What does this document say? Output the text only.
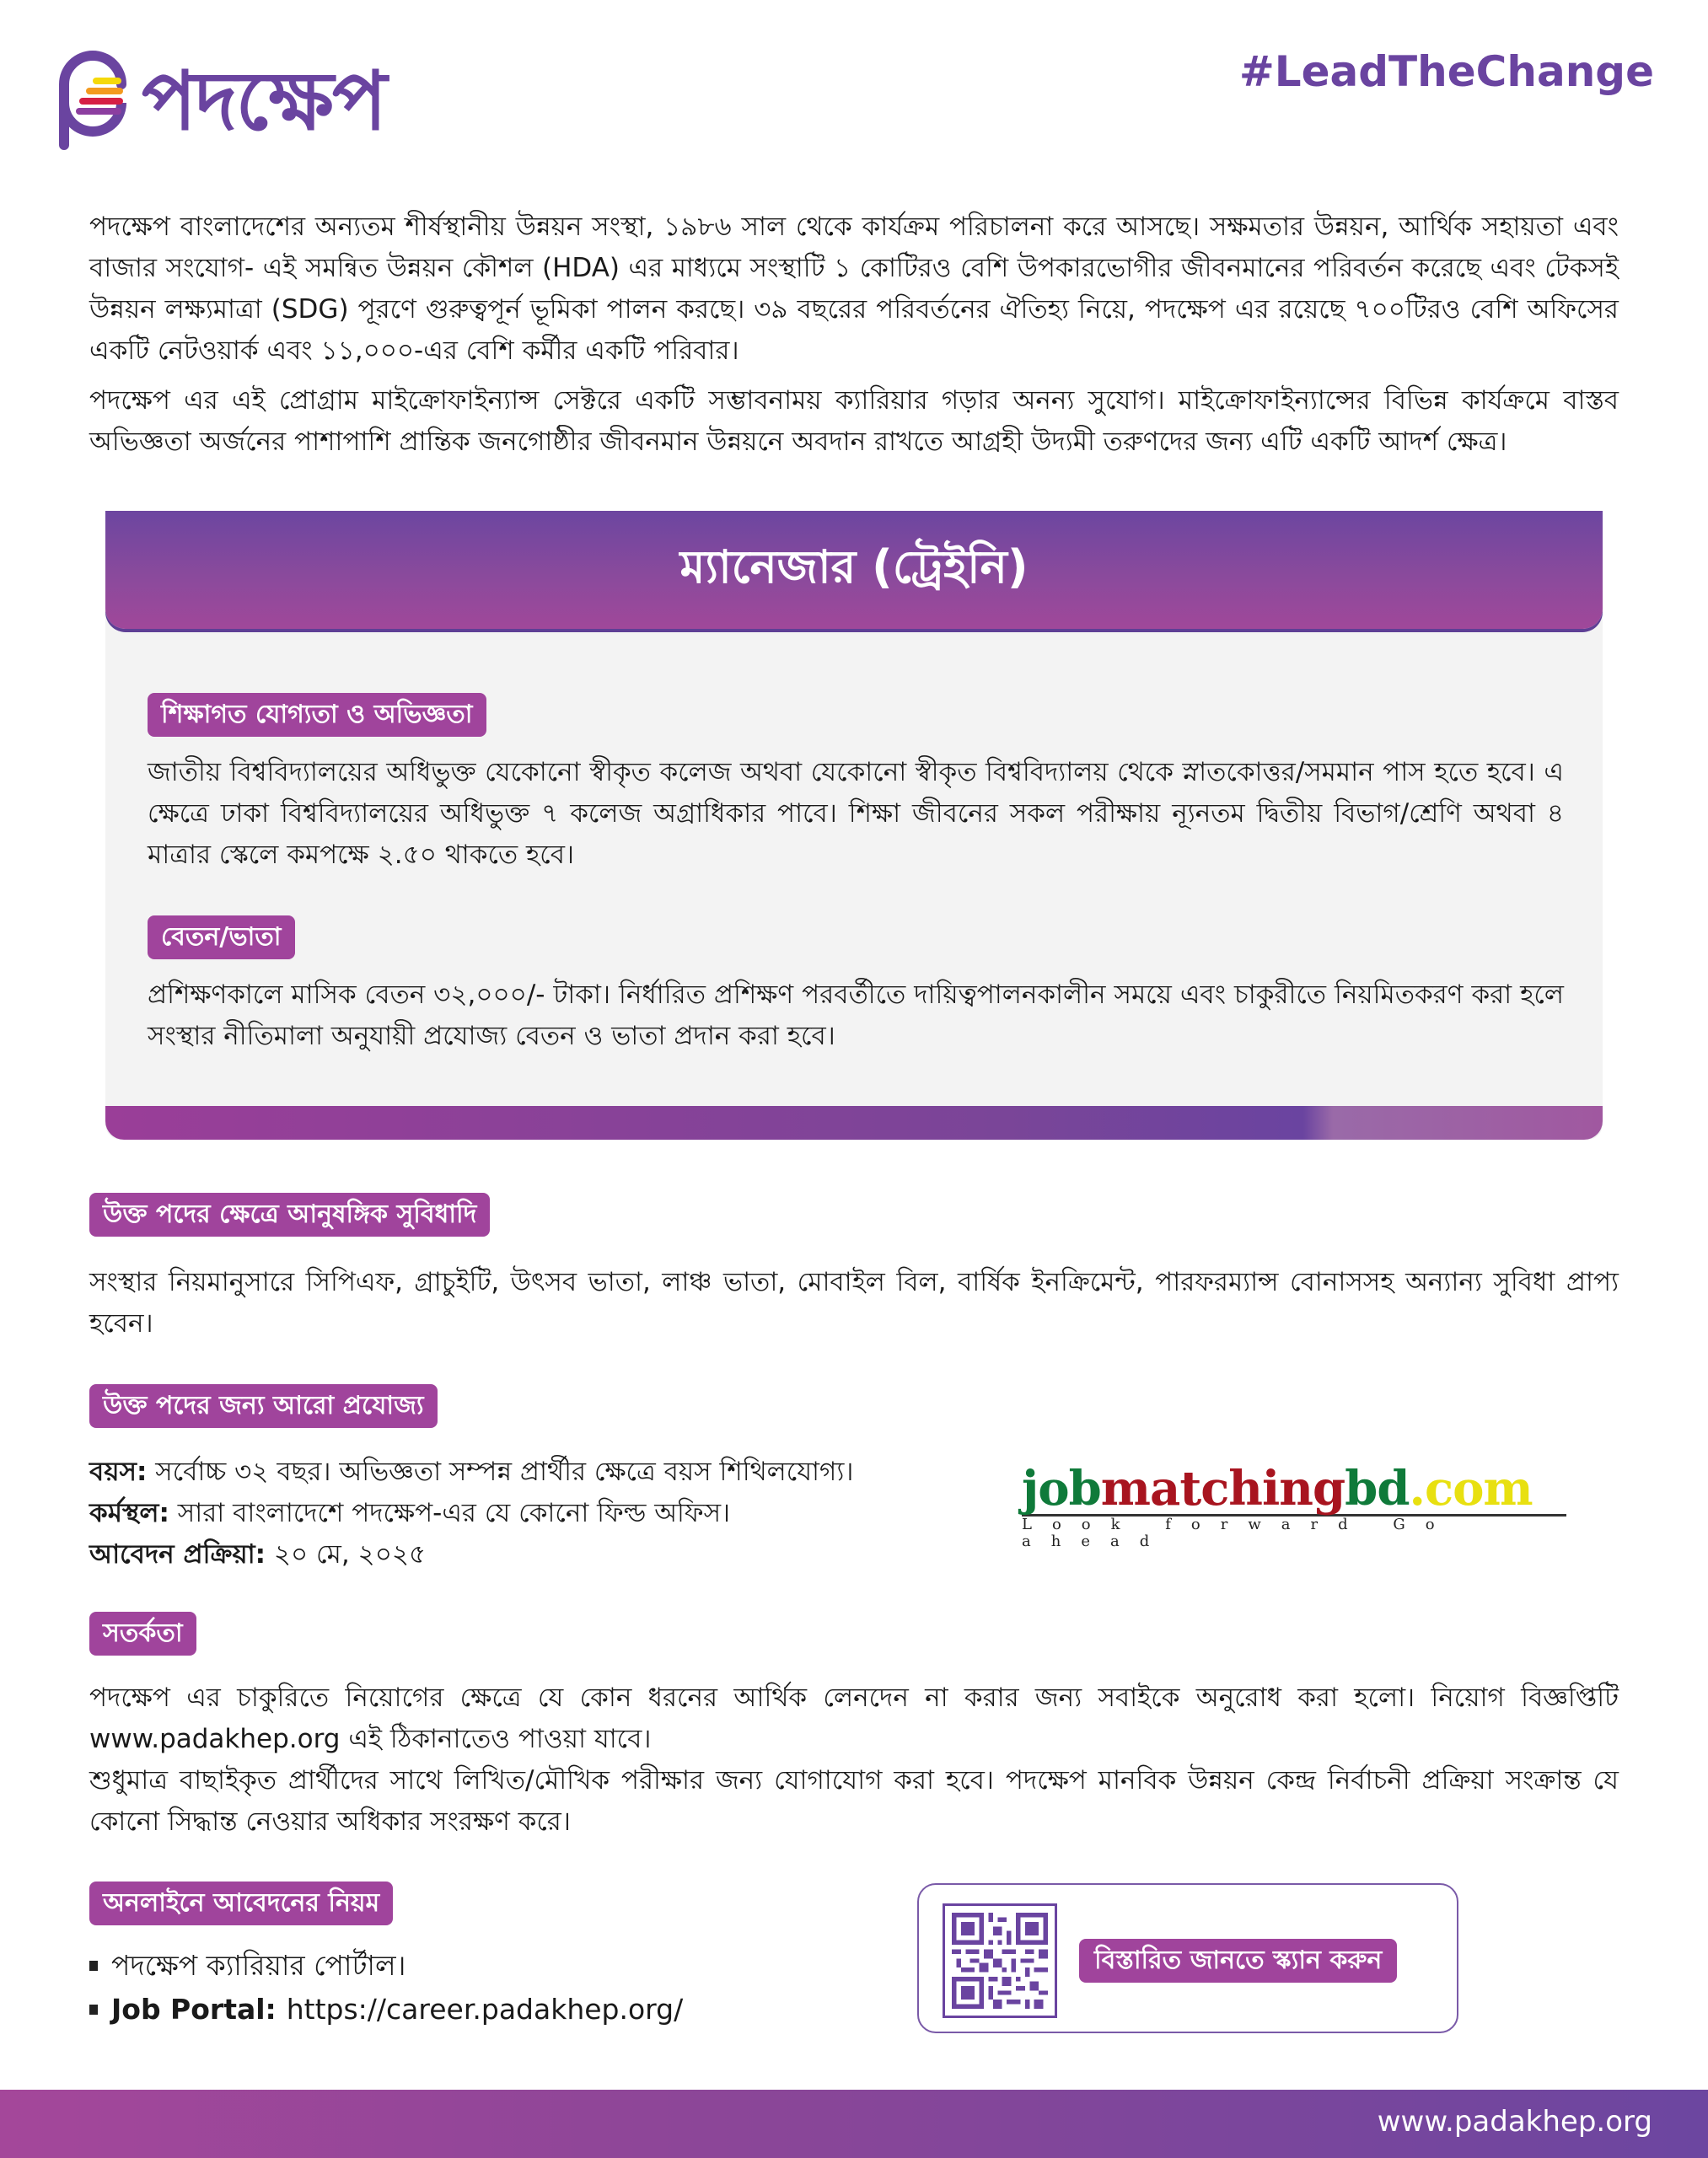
পদক্ষেপ	#LeadTheChange

পদক্ষেপ বাংলাদেশের অন্যতম শীর্ষস্থানীয় উন্নয়ন সংস্থা, ১৯৮৬ সাল থেকে কার্যক্রম পরিচালনা করে আসছে। সক্ষমতার উন্নয়ন, আর্থিক সহায়তা এবং বাজার সংযোগ- এই সমন্বিত উন্নয়ন কৌশল (HDA) এর মাধ্যমে সংস্থাটি ১ কোটিরও বেশি উপকারভোগীর জীবনমানের পরিবর্তন করেছে এবং টেকসই উন্নয়ন লক্ষ্যমাত্রা (SDG) পূরণে গুরুত্বপূর্ন ভূমিকা পালন করছে। ৩৯ বছরের পরিবর্তনের ঐতিহ্য নিয়ে, পদক্ষেপ এর রয়েছে ৭০০টিরও বেশি অফিসের একটি নেটওয়ার্ক এবং ১১,০০০-এর বেশি কর্মীর একটি পরিবার।

পদক্ষেপ এর এই প্রোগ্রাম মাইক্রোফাইন্যান্স সেক্টরে একটি সম্ভাবনাময় ক্যারিয়ার গড়ার অনন্য সুযোগ। মাইক্রোফাইন্যান্সের বিভিন্ন কার্যক্রমে বাস্তব অভিজ্ঞতা অর্জনের পাশাপাশি প্রান্তিক জনগোষ্ঠীর জীবনমান উন্নয়নে অবদান রাখতে আগ্রহী উদ্যমী তরুণদের জন্য এটি একটি আদর্শ ক্ষেত্র।

ম্যানেজার (ট্রেইনি)
শিক্ষাগত যোগ্যতা ও অভিজ্ঞতা

জাতীয় বিশ্ববিদ্যালয়ের অধিভুক্ত যেকোনো স্বীকৃত কলেজ অথবা যেকোনো স্বীকৃত বিশ্ববিদ্যালয় থেকে স্নাতকোত্তর/সমমান পাস হতে হবে। এ ক্ষেত্রে ঢাকা বিশ্ববিদ্যালয়ের অধিভুক্ত ৭ কলেজ অগ্রাধিকার পাবে। শিক্ষা জীবনের সকল পরীক্ষায় ন্যূনতম দ্বিতীয় বিভাগ/শ্রেণি অথবা ৪ মাত্রার স্কেলে কমপক্ষে ২.৫০ থাকতে হবে।

বেতন/ভাতা

প্রশিক্ষণকালে মাসিক বেতন ৩২,০০০/- টাকা। নির্ধারিত প্রশিক্ষণ পরবর্তীতে দায়িত্বপালনকালীন সময়ে এবং চাকুরীতে নিয়মিতকরণ করা হলে সংস্থার নীতিমালা অনুযায়ী প্রযোজ্য বেতন ও ভাতা প্রদান করা হবে।

উক্ত পদের ক্ষেত্রে আনুষঙ্গিক সুবিধাদি

সংস্থার নিয়মানুসারে সিপিএফ, গ্রাচুইটি, উৎসব ভাতা, লাঞ্চ ভাতা, মোবাইল বিল, বার্ষিক ইনক্রিমেন্ট, পারফরম্যান্স বোনাসসহ অন্যান্য সুবিধা প্রাপ্য হবেন।

উক্ত পদের জন্য আরো প্রযোজ্য
বয়স: সর্বোচ্চ ৩২ বছর। অভিজ্ঞতা সম্পন্ন প্রার্থীর ক্ষেত্রে বয়স শিথিলযোগ্য।
কর্মস্থল: সারা বাংলাদেশে পদক্ষেপ-এর যে কোনো ফিল্ড অফিস।
আবেদন প্রক্রিয়া: ২০ মে, ২০২৫
jobmatchingbd.com
Look forward Go ahead
সতর্কতা

পদক্ষেপ এর চাকুরিতে নিয়োগের ক্ষেত্রে যে কোন ধরনের আর্থিক লেনদেন না করার জন্য সবাইকে অনুরোধ করা হলো। নিয়োগ বিজ্ঞপ্তিটি www.padakhep.org এই ঠিকানাতেও পাওয়া যাবে।

শুধুমাত্র বাছাইকৃত প্রার্থীদের সাথে লিখিত/মৌখিক পরীক্ষার জন্য যোগাযোগ করা হবে। পদক্ষেপ মানবিক উন্নয়ন কেন্দ্র নির্বাচনী প্রক্রিয়া সংক্রান্ত যে কোনো সিদ্ধান্ত নেওয়ার অধিকার সংরক্ষণ করে।

অনলাইনে আবেদনের নিয়ম
পদক্ষেপ ক্যারিয়ার পোর্টাল।
Job Portal: https://career.padakhep.org/
বিস্তারিত জানতে স্ক্যান করুন
www.padakhep.org
